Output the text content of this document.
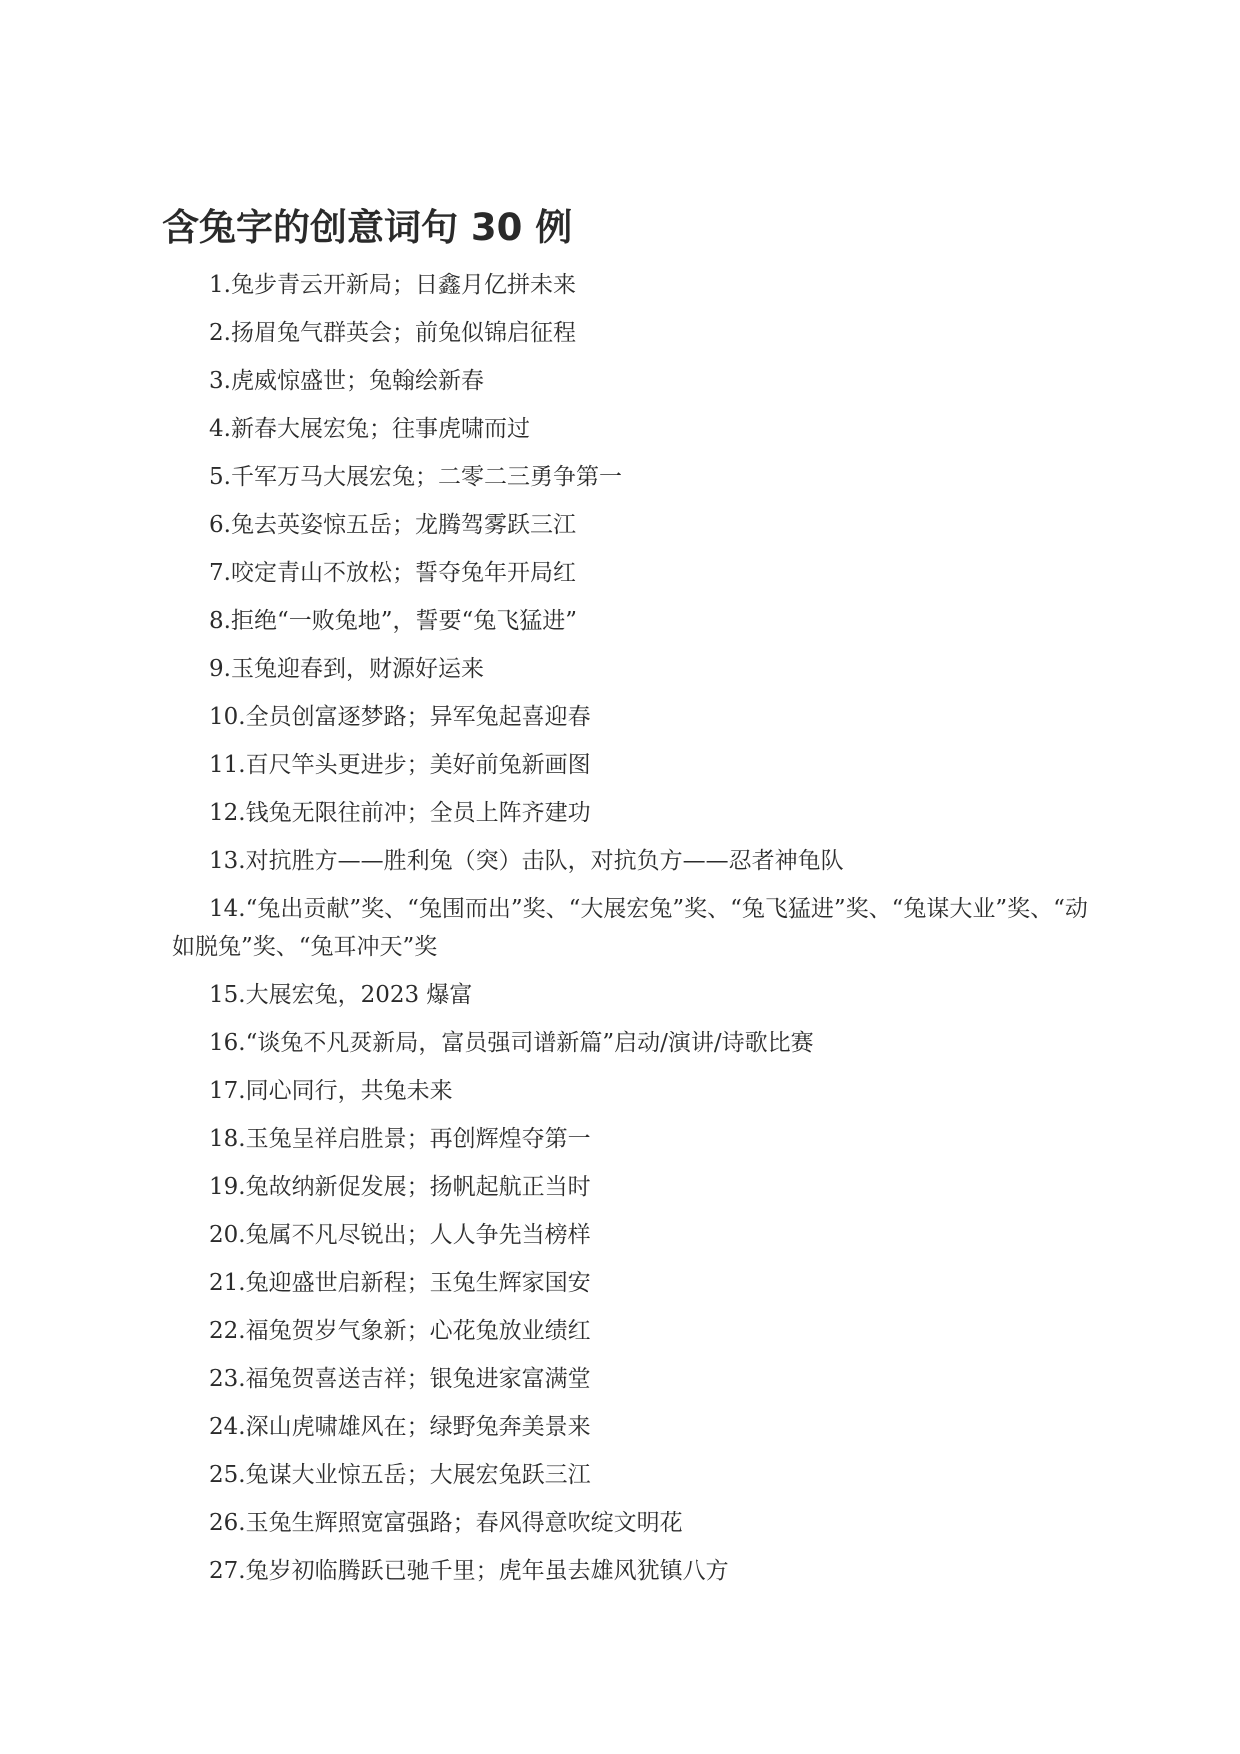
含兔字的创意词句 30 例
1.兔步青云开新局；日鑫月亿拼未来
2.扬眉兔气群英会；前兔似锦启征程
3.虎威惊盛世；兔翰绘新春
4.新春大展宏兔；往事虎啸而过
5.千军万马大展宏兔；二零二三勇争第一
6.兔去英姿惊五岳；龙腾驾雾跃三江
7.咬定青山不放松；誓夺兔年开局红
8.拒绝“一败兔地”，誓要“兔飞猛进”
9.玉兔迎春到，财源好运来
10.全员创富逐梦路；异军兔起喜迎春
11.百尺竿头更进步；美好前兔新画图
12.钱兔无限往前冲；全员上阵齐建功
13.对抗胜方——胜利兔（突）击队，对抗负方——忍者神龟队
14.“兔出贡献”奖、“兔围而出”奖、“大展宏兔”奖、“兔飞猛进”奖、“兔谋大业”奖、“动如脱兔”奖、“兔耳冲天”奖
15.大展宏兔，2023 爆富
16.“谈兔不凡烎新局，富员强司谱新篇”启动/演讲/诗歌比赛
17.同心同行，共兔未来
18.玉兔呈祥启胜景；再创辉煌夺第一
19.兔故纳新促发展；扬帆起航正当时
20.兔属不凡尽锐出；人人争先当榜样
21.兔迎盛世启新程；玉兔生辉家国安
22.福兔贺岁气象新；心花兔放业绩红
23.福兔贺喜送吉祥；银兔进家富满堂
24.深山虎啸雄风在；绿野兔奔美景来
25.兔谋大业惊五岳；大展宏兔跃三江
26.玉兔生辉照宽富强路；春风得意吹绽文明花
27.兔岁初临腾跃已驰千里；虎年虽去雄风犹镇八方
